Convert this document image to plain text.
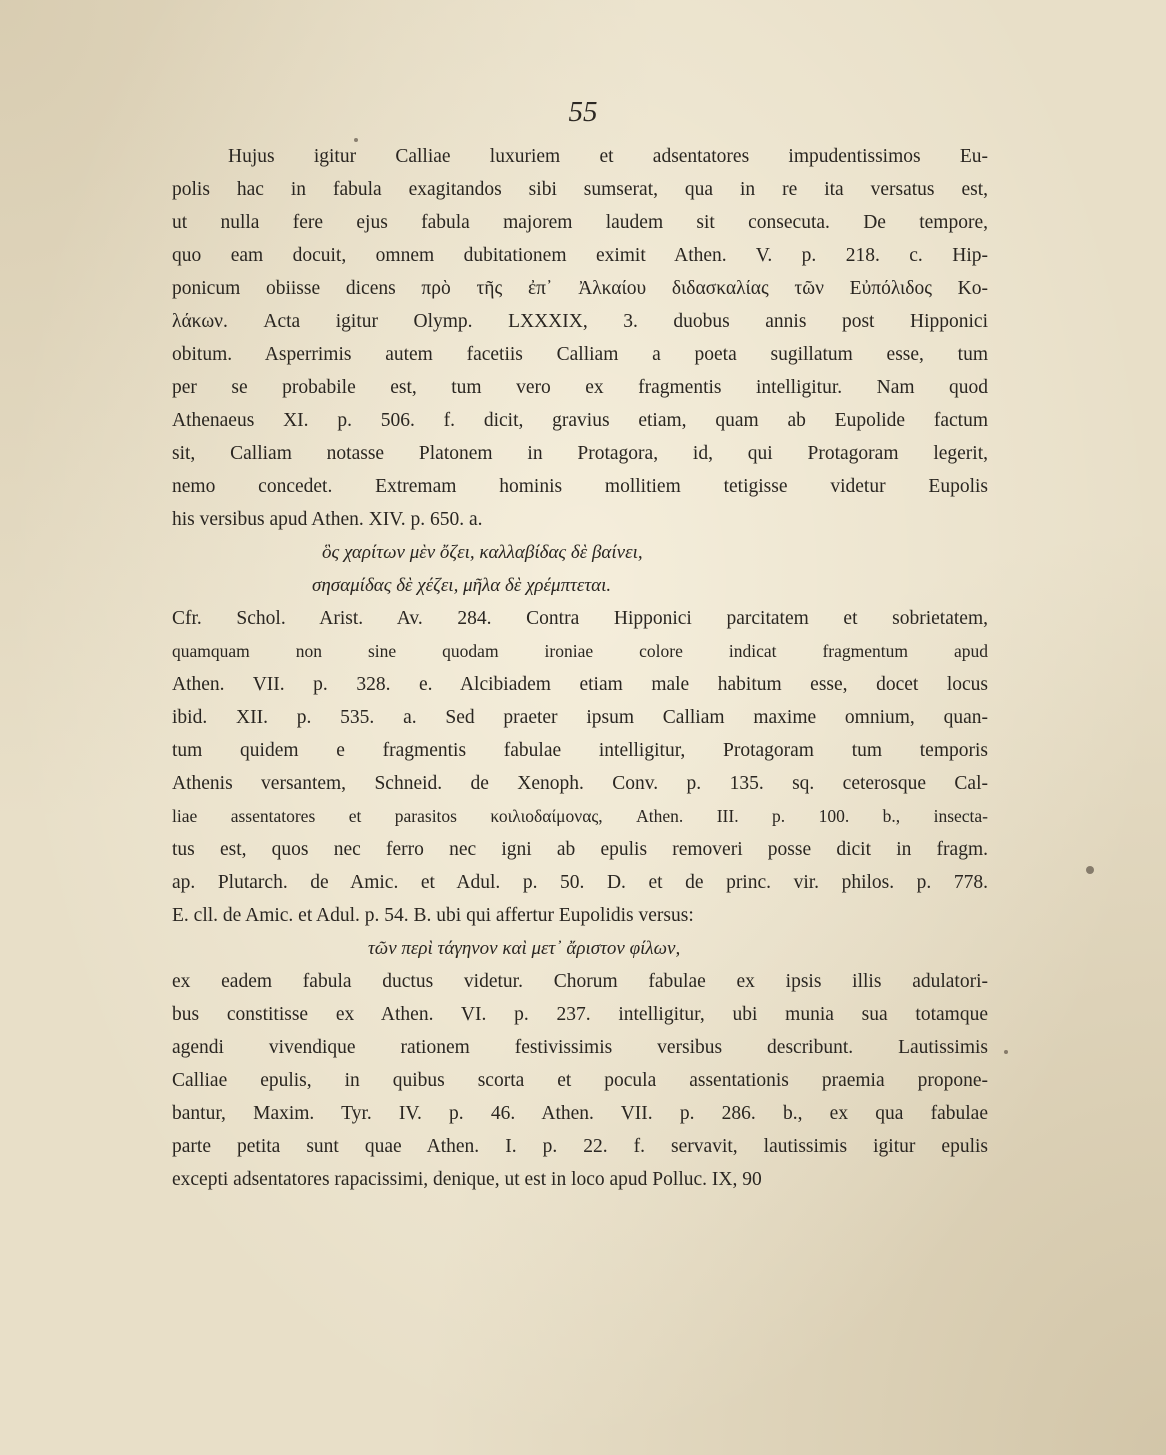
55
Hujus igitur Calliae luxuriem et adsentatores impudentissimos Eu-
polis hac in fabula exagitandos sibi sumserat, qua in re ita versatus est,
ut nulla fere ejus fabula majorem laudem sit consecuta. De tempore,
quo eam docuit, omnem dubitationem eximit Athen. V. p. 218. c. Hip-
ponicum obiisse dicens πρὸ τῆς ἐπ᾽ Ἀλκαίου διδασκαλίας τῶν Εὐπόλιδος Κο-
λάκων. Acta igitur Olymp. LXXXIX, 3. duobus annis post Hipponici
obitum. Asperrimis autem facetiis Calliam a poeta sugillatum esse, tum
per se probabile est, tum vero ex fragmentis intelligitur. Nam quod
Athenaeus XI. p. 506. f. dicit, gravius etiam, quam ab Eupolide factum
sit, Calliam notasse Platonem in Protagora, id, qui Protagoram legerit,
nemo concedet. Extremam hominis mollitiem tetigisse videtur Eupolis
his versibus apud Athen. XIV. p. 650. a.
ὃς χαρίτων μὲν ὄζει, καλλαβίδας δὲ βαίνει,
σησαμίδας δὲ χέζει, μῆλα δὲ χρέμπτεται.
Cfr. Schol. Arist. Av. 284. Contra Hipponici parcitatem et sobrietatem,
quamquam non sine quodam ironiae colore indicat fragmentum apud
Athen. VII. p. 328. e. Alcibiadem etiam male habitum esse, docet locus
ibid. XII. p. 535. a. Sed praeter ipsum Calliam maxime omnium, quan-
tum quidem e fragmentis fabulae intelligitur, Protagoram tum temporis
Athenis versantem, Schneid. de Xenoph. Conv. p. 135. sq. ceterosque Cal-
liae assentatores et parasitos κοιλιοδαίμονας, Athen. III. p. 100. b., insecta-
tus est, quos nec ferro nec igni ab epulis removeri posse dicit in fragm.
ap. Plutarch. de Amic. et Adul. p. 50. D. et de princ. vir. philos. p. 778.
E. cll. de Amic. et Adul. p. 54. B. ubi qui affertur Eupolidis versus:
τῶν περὶ τάγηνον καὶ μετ᾽ ἄριστον φίλων,
ex eadem fabula ductus videtur. Chorum fabulae ex ipsis illis adulatori-
bus constitisse ex Athen. VI. p. 237. intelligitur, ubi munia sua totamque
agendi vivendique rationem festivissimis versibus describunt. Lautissimis
Calliae epulis, in quibus scorta et pocula assentationis praemia propone-
bantur, Maxim. Tyr. IV. p. 46. Athen. VII. p. 286. b., ex qua fabulae
parte petita sunt quae Athen. I. p. 22. f. servavit, lautissimis igitur epulis
excepti adsentatores rapacissimi, denique, ut est in loco apud Polluc. IX, 90
